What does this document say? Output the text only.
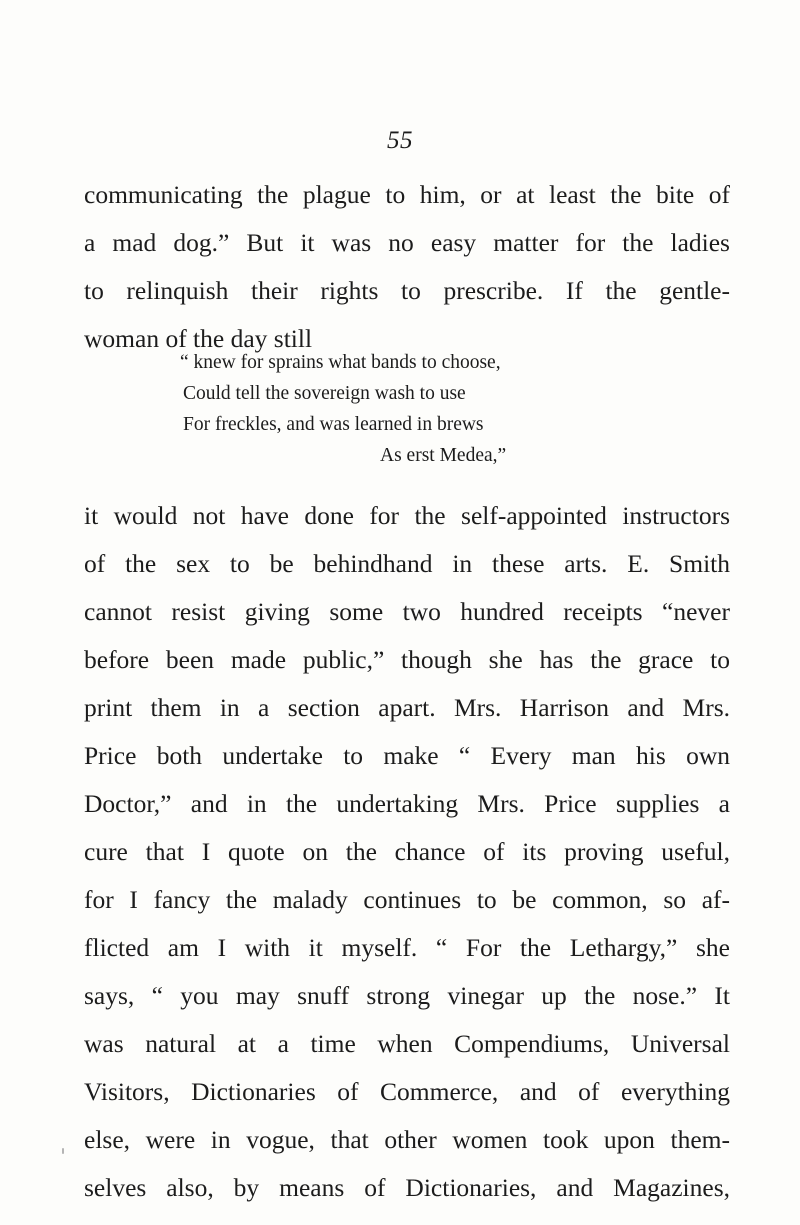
55
communicating the plague to him, or at least the bite of
a mad dog.” But it was no easy matter for the ladies
to relinquish their rights to prescribe. If the gentle-
woman of the day still
“ knew for sprains what bands to choose,
Could tell the sovereign wash to use
For freckles, and was learned in brews
As erst Medea,”
it would not have done for the self-appointed instructors
of the sex to be behindhand in these arts. E. Smith
cannot resist giving some two hundred receipts “never
before been made public,” though she has the grace to
print them in a section apart. Mrs. Harrison and Mrs.
Price both undertake to make “ Every man his own
Doctor,” and in the undertaking Mrs. Price supplies a
cure that I quote on the chance of its proving useful,
for I fancy the malady continues to be common, so af-
flicted am I with it myself. “ For the Lethargy,” she
says, “ you may snuff strong vinegar up the nose.” It
was natural at a time when Compendiums, Universal
Visitors, Dictionaries of Commerce, and of everything
else, were in vogue, that other women took upon them-
selves also, by means of Dictionaries, and Magazines,
